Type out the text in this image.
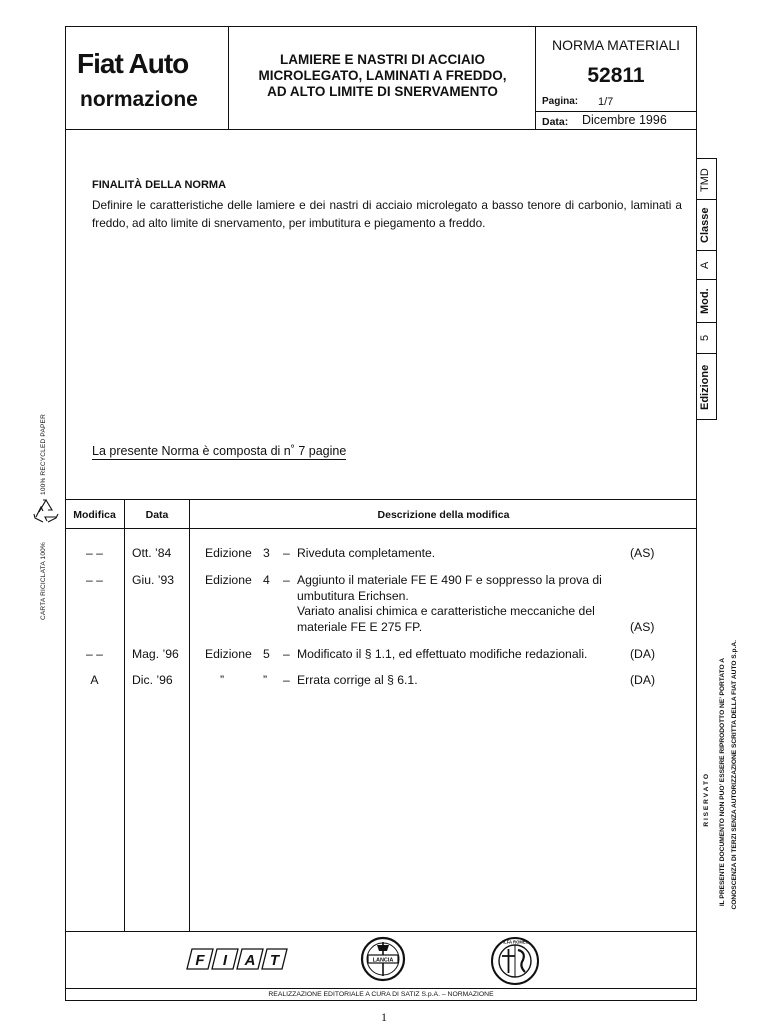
Fiat Auto
normazione
LAMIERE E NASTRI DI ACCIAIO
MICROLEGATO, LAMINATI A FREDDO,
AD ALTO LIMITE DI SNERVAMENTO
NORMA MATERIALI
52811
Pagina: 1/7
Data: Dicembre 1996
TMD
Classe
A
Mod.
5
Edizione
FINALITÀ DELLA NORMA
Definire le caratteristiche delle lamiere e dei nastri di acciaio microlegato a basso tenore di carbonio, laminati a freddo, ad alto limite di snervamento, per imbutitura e piegamento a freddo.
La presente Norma è composta di n˚ 7 pagine
Modifica	Data	Descrizione della modifica
– –	Ott. ’84	Edizione 3 – Riveduta completamente.	(AS)
– –	Giu. ’93	Edizione 4 – Aggiunto il materiale FE E 490 F e soppresso la prova di
umbutitura Erichsen.
Variato analisi chimica e caratteristiche meccaniche del
materiale FE E 275 FP.	(AS)
– –	Mag. ’96 Edizione 5 – Modificato il § 1.1, ed effettuato modifiche redazionali.	(DA)
A	Dic. ’96	”	” – Errata corrige al § 6.1.	(DA)
F I A T	LANCIA
ALFA ROMEO
CARTA RICICLATA 100%
100% RECYCLED PAPER
R I S E R V A T O IL PRESENTE DOCUMENTO NON PUO’ ESSERE RIPRODOTTO NE’ PORTATO A CONOSCENZA DI TERZI SENZA AUTORIZZAZIONE SCRITTA DELLA FIAT AUTO S.p.A.
REALIZZAZIONE EDITORIALE A CURA DI SATIZ S.p.A. – NORMAZIONE
1
